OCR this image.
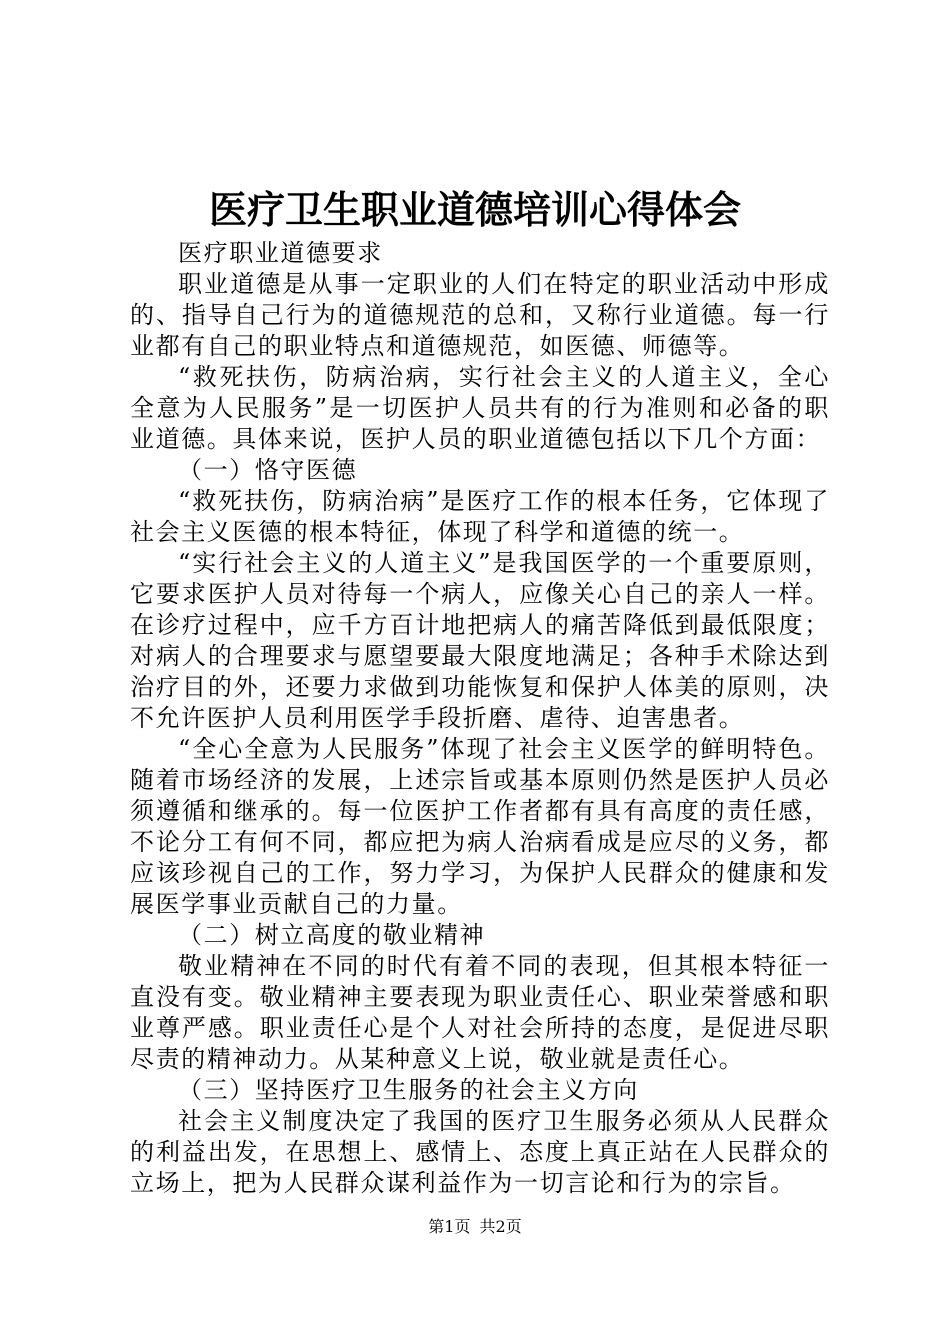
医疗卫生职业道德培训心得体会

医疗职业道德要求

职业道德是从事一定职业的人们在特定的职业活动中形成的、指导自己行为的道德规范的总和，又称行业道德。每一行业都有自己的职业特点和道德规范，如医德、师德等。

“救死扶伤，防病治病，实行社会主义的人道主义，全心全意为人民服务”是一切医护人员共有的行为准则和必备的职业道德。具体来说，医护人员的职业道德包括以下几个方面：

（一）恪守医德

“救死扶伤，防病治病”是医疗工作的根本任务，它体现了社会主义医德的根本特征，体现了科学和道德的统一。

“实行社会主义的人道主义”是我国医学的一个重要原则，它要求医护人员对待每一个病人，应像关心自己的亲人一样。在诊疗过程中，应千方百计地把病人的痛苦降低到最低限度；对病人的合理要求与愿望要最大限度地满足；各种手术除达到治疗目的外，还要力求做到功能恢复和保护人体美的原则，决不允许医护人员利用医学手段折磨、虐待、迫害患者。

“全心全意为人民服务”体现了社会主义医学的鲜明特色。随着市场经济的发展，上述宗旨或基本原则仍然是医护人员必须遵循和继承的。每一位医护工作者都有具有高度的责任感，不论分工有何不同，都应把为病人治病看成是应尽的义务，都应该珍视自己的工作，努力学习，为保护人民群众的健康和发展医学事业贡献自己的力量。

（二）树立高度的敬业精神

敬业精神在不同的时代有着不同的表现，但其根本特征一直没有变。敬业精神主要表现为职业责任心、职业荣誉感和职业尊严感。职业责任心是个人对社会所持的态度，是促进尽职尽责的精神动力。从某种意义上说，敬业就是责任心。

（三）坚持医疗卫生服务的社会主义方向

社会主义制度决定了我国的医疗卫生服务必须从人民群众的利益出发，在思想上、感情上、态度上真正站在人民群众的立场上，把为人民群众谋利益作为一切言论和行为的宗旨。

第1页 共2页
